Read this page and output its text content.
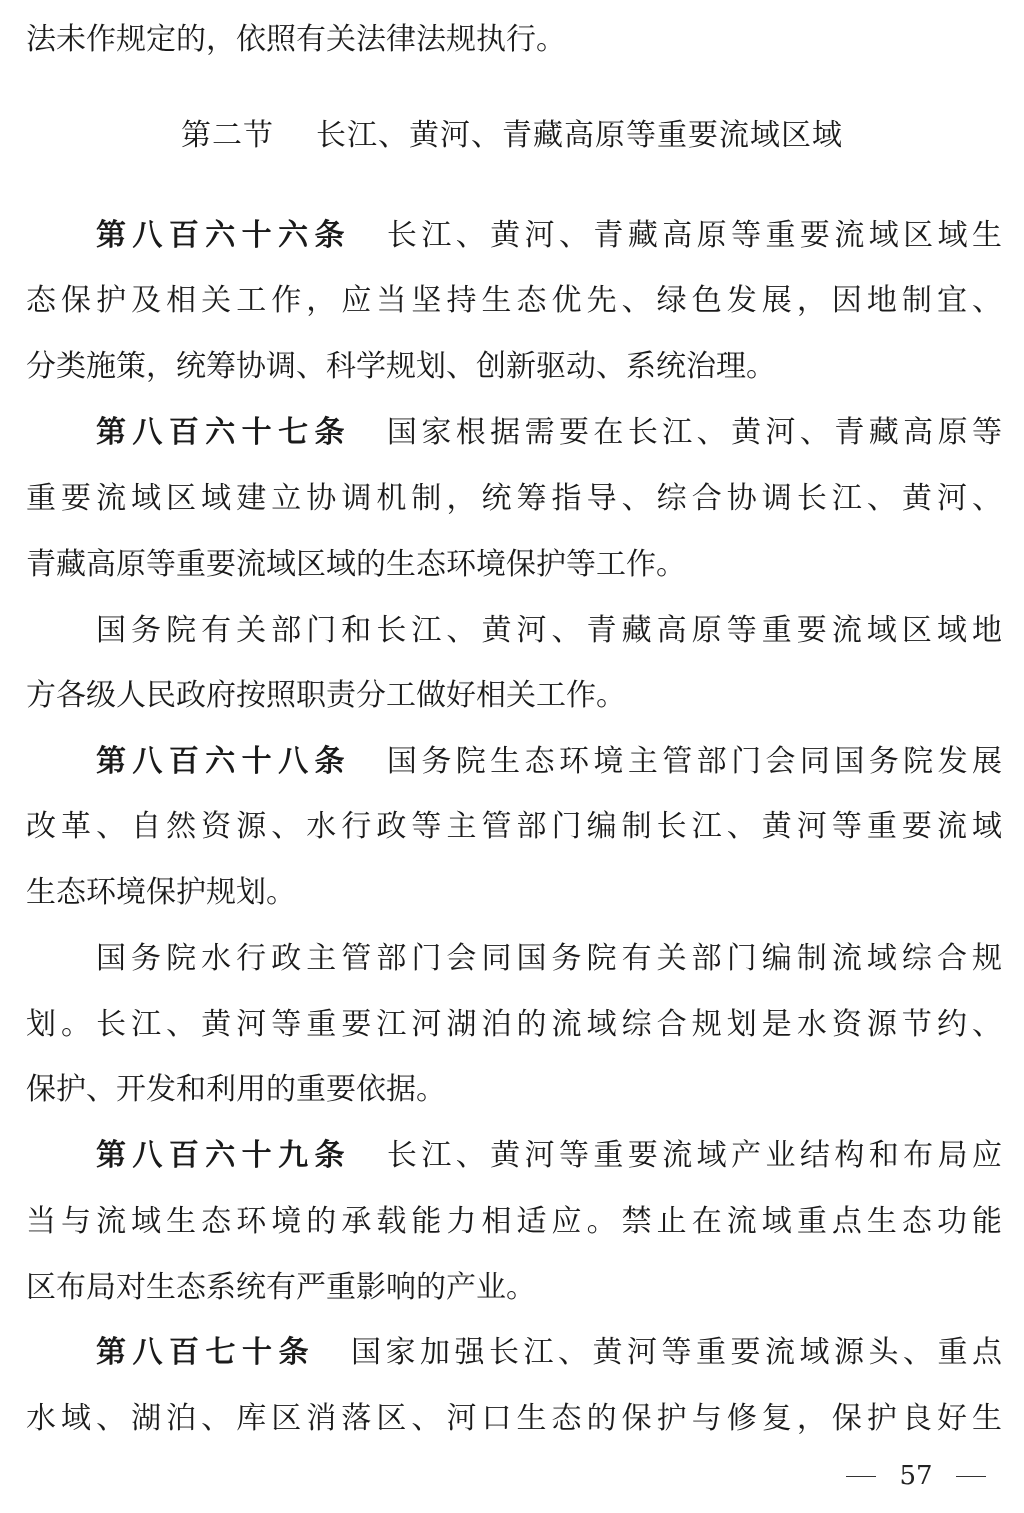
法未作规定的，依照有关法律法规执行。
第二节 长江、黄河、青藏高原等重要流域区域
第八百六十六条 长江、黄河、青藏高原等重要流域区域生
态保护及相关工作，应当坚持生态优先、绿色发展，因地制宜、
分类施策，统筹协调、科学规划、创新驱动、系统治理。
第八百六十七条 国家根据需要在长江、黄河、青藏高原等
重要流域区域建立协调机制，统筹指导、综合协调长江、黄河、
青藏高原等重要流域区域的生态环境保护等工作。
国务院有关部门和长江、黄河、青藏高原等重要流域区域地
方各级人民政府按照职责分工做好相关工作。
第八百六十八条 国务院生态环境主管部门会同国务院发展
改革、自然资源、水行政等主管部门编制长江、黄河等重要流域
生态环境保护规划。
国务院水行政主管部门会同国务院有关部门编制流域综合规
划。长江、黄河等重要江河湖泊的流域综合规划是水资源节约、
保护、开发和利用的重要依据。
第八百六十九条 长江、黄河等重要流域产业结构和布局应
当与流域生态环境的承载能力相适应。禁止在流域重点生态功能
区布局对生态系统有严重影响的产业。
第八百七十条 国家加强长江、黄河等重要流域源头、重点
水域、湖泊、库区消落区、河口生态的保护与修复，保护良好生
57
